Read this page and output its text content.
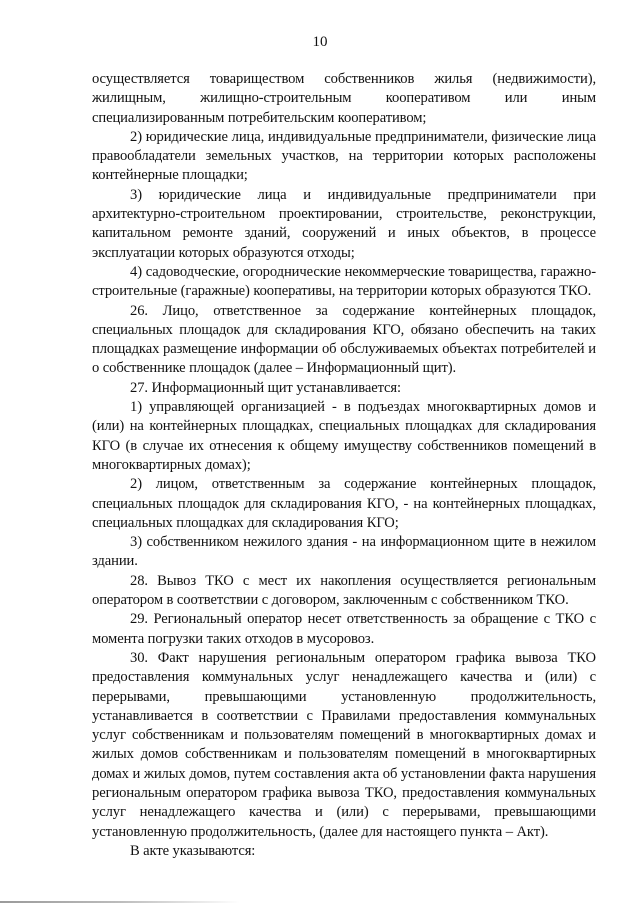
10

осуществляется товариществом собственников жилья (недвижимости), жилищным, жилищно-строительным кооперативом или иным специализированным потребительским кооперативом;

2) юридические лица, индивидуальные предприниматели, физические лица правообладатели земельных участков, на территории которых расположены контейнерные площадки;

3) юридические лица и индивидуальные предприниматели при архитектурно-строительном проектировании, строительстве, реконструкции, капитальном ремонте зданий, сооружений и иных объектов, в процессе эксплуатации которых образуются отходы;

4) садоводческие, огороднические некоммерческие товарищества, гаражно-строительные (гаражные) кооперативы, на территории которых образуются ТКО.

26. Лицо, ответственное за содержание контейнерных площадок, специальных площадок для складирования КГО, обязано обеспечить на таких площадках размещение информации об обслуживаемых объектах потребителей и о собственнике площадок (далее – Информационный щит).

27. Информационный щит устанавливается:

1) управляющей организацией - в подъездах многоквартирных домов и (или) на контейнерных площадках, специальных площадках для складирования КГО (в случае их отнесения к общему имуществу собственников помещений в многоквартирных домах);

2) лицом, ответственным за содержание контейнерных площадок, специальных площадок для складирования КГО, - на контейнерных площадках, специальных площадках для складирования КГО;

3) собственником нежилого здания - на информационном щите в нежилом здании.

28. Вывоз ТКО с мест их накопления осуществляется региональным оператором в соответствии с договором, заключенным с собственником ТКО.

29. Региональный оператор несет ответственность за обращение с ТКО с момента погрузки таких отходов в мусоровоз.

30. Факт нарушения региональным оператором графика вывоза ТКО предоставления коммунальных услуг ненадлежащего качества и (или) с перерывами, превышающими установленную продолжительность, устанавливается в соответствии с Правилами предоставления коммунальных услуг собственникам и пользователям помещений в многоквартирных домах и жилых домов собственникам и пользователям помещений в многоквартирных домах и жилых домов, путем составления акта об установлении факта нарушения региональным оператором графика вывоза ТКО, предоставления коммунальных услуг ненадлежащего качества и (или) с перерывами, превышающими установленную продолжительность, (далее для настоящего пункта – Акт).

В акте указываются:
